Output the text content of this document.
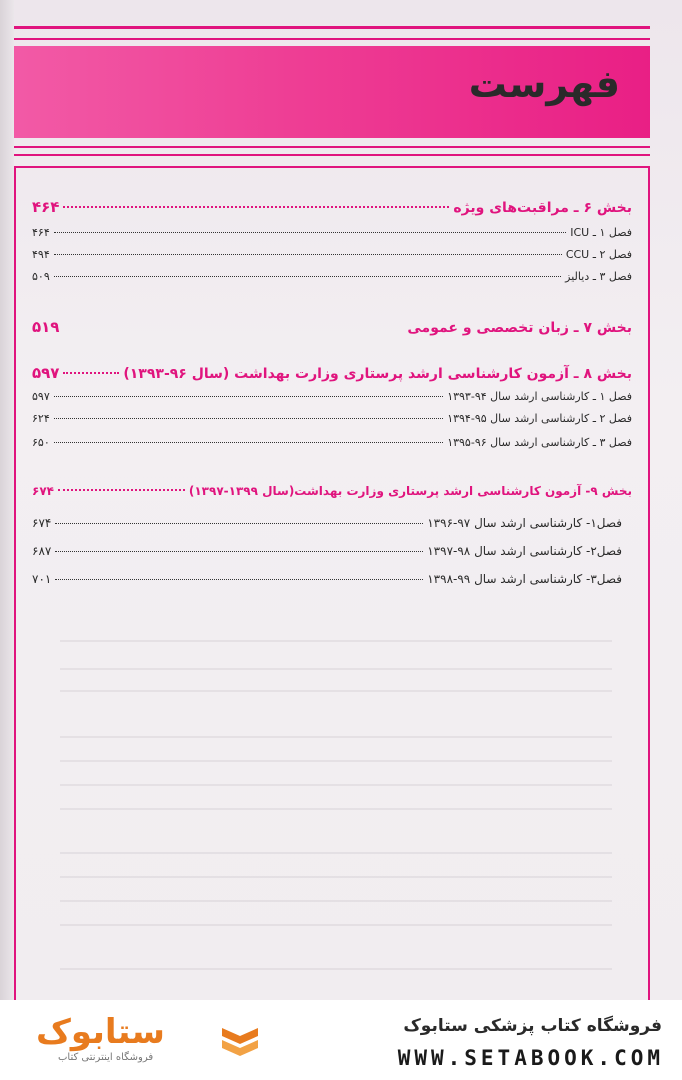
فهرست
بخش ۶ ـ مراقبت‌های ویژه
۴۶۴
فصل ۱ ـ ICU
۴۶۴
فصل ۲ ـ CCU
۴۹۴
فصل ۳ ـ دیالیز
۵۰۹
بخش ۷ ـ زبان تخصصی و عمومی
۵۱۹
بخش ۸ ـ آزمون کارشناسی ارشد پرستاری وزارت بهداشت (سال ۹۶-۱۳۹۳)
۵۹۷
فصل ۱ ـ کارشناسی ارشد سال ۹۴-۱۳۹۳
۵۹۷
فصل ۲ ـ کارشناسی ارشد سال ۹۵-۱۳۹۴
۶۲۴
فصل ۳ ـ کارشناسی ارشد سال ۹۶-۱۳۹۵
۶۵۰
بخش ۹- آزمون کارشناسی ارشد پرستاری وزارت بهداشت(سال ۱۳۹۹-۱۳۹۷)
۶۷۴
فصل۱- کارشناسی ارشد سال ۹۷-۱۳۹۶
۶۷۴
فصل۲- کارشناسی ارشد سال ۹۸-۱۳۹۷
۶۸۷
فصل۳- کارشناسی ارشد سال ۹۹-۱۳۹۸
۷۰۱
ستابوک
فروشگاه اینترنتی کتاب
فروشگاه کتاب پزشکی ستابوک
WWW.SETABOOK.COM
